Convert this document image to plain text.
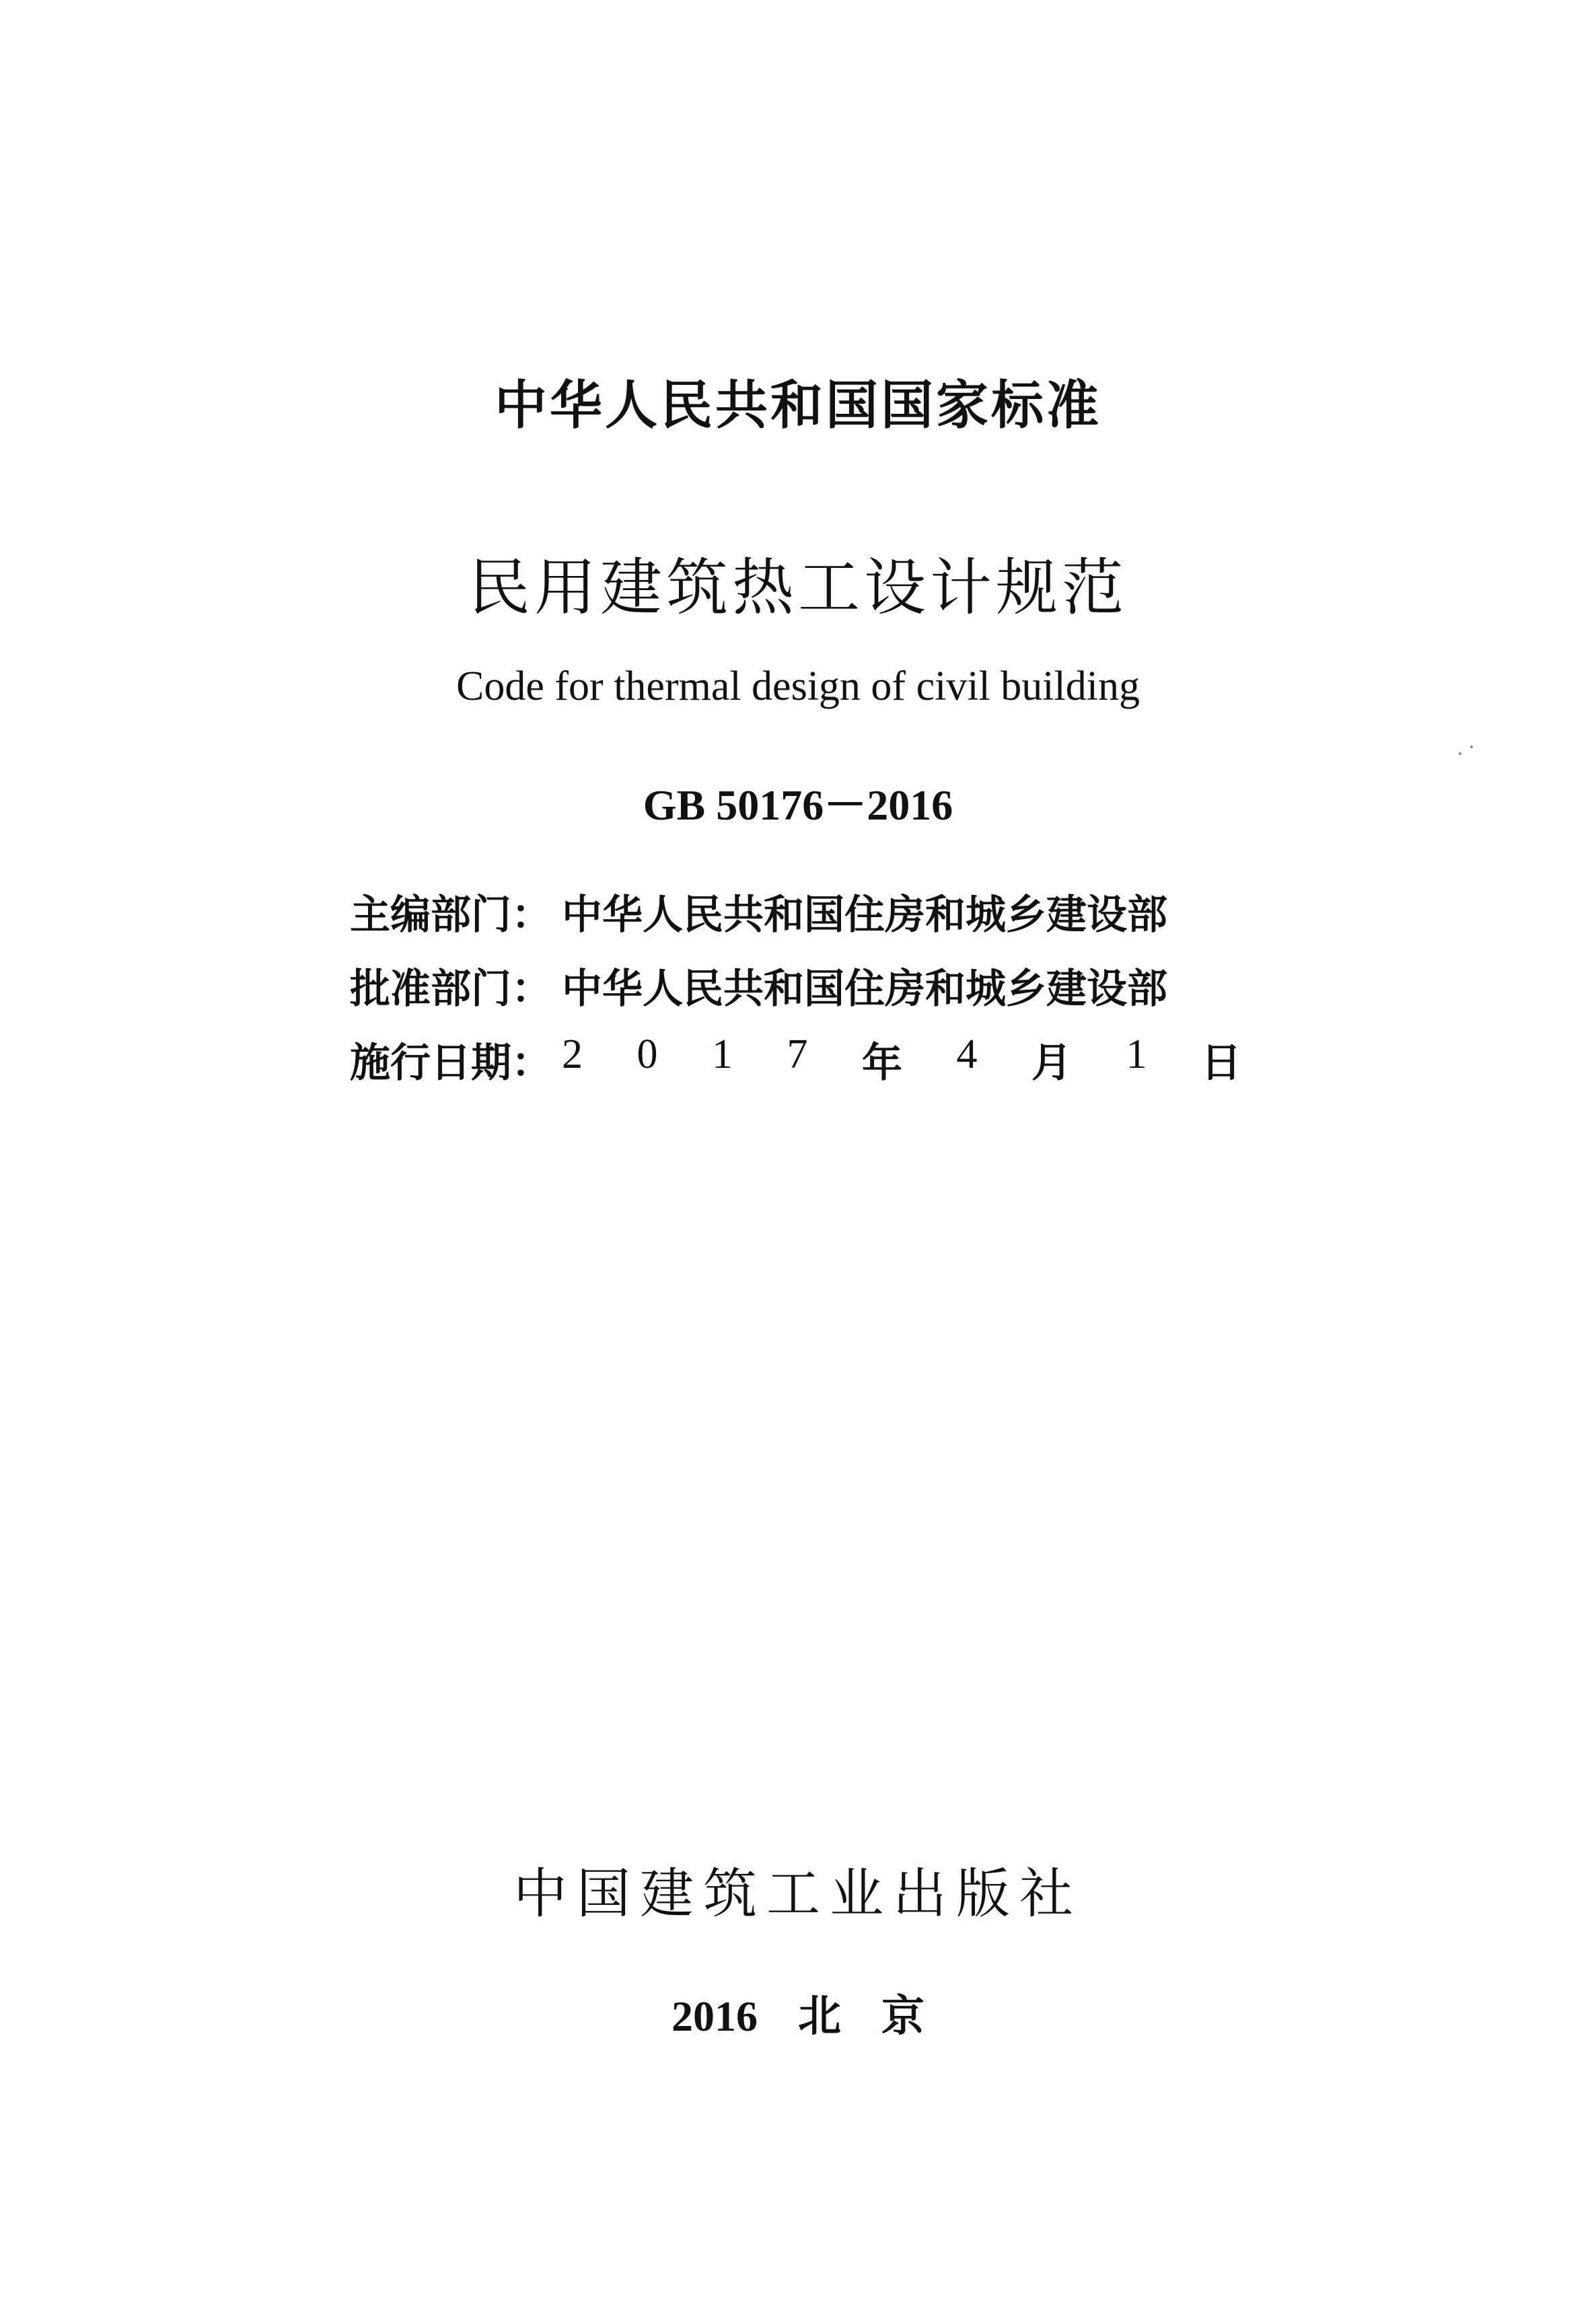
中华人民共和国国家标准
民用建筑热工设计规范
Code for thermal design of civil building
GB 50176－2016
主编部门： 中华人民共和国住房和城乡建设部
批准部门： 中华人民共和国住房和城乡建设部
施行日期： 2 0 1 7 年 4 月 1 日
中国建筑工业出版社
2016 北 京
